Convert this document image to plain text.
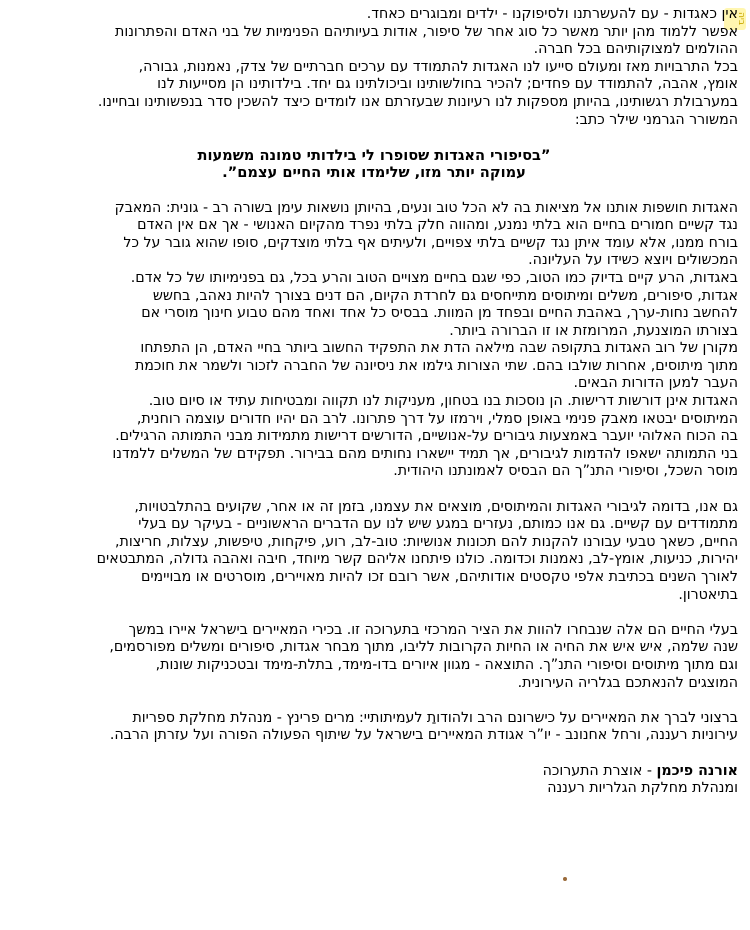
ביה

אין כאגדות - עם להעשרתנו ולסיפוקנו - ילדים ומבוגרים כאחד.

אפשר ללמוד מהן יותר מאשר כל סוג אחר של סיפור, אודות בעיותיהם הפנימיות של בני האדם והפתרונות

ההולמים למצוקותיהם בכל חברה.

בכל התרבויות מאז ומעולם סייעו לנו האגדות להתמודד עם ערכים חברתיים של צדק, נאמנות, גבורה,

אומץ, אהבה, להתמודד עם פחדים; להכיר בחולשותינו וביכולתינו גם יחד. בילדותינו הן מסייעות לנו

במערבולת רגשותינו, בהיותן מספקות לנו רעיונות שבעזרתם אנו לומדים כיצד להשכין סדר בנפשותינו ובחיינו.

המשורר הגרמני שילר כתב:

”בסיפורי האגדות שסופרו לי בילדותי טמונה משמעות

עמוקה יותר מזו, שלימדו אותי החיים עצמם”.

האגדות חושפות אותנו אל מציאות בה לא הכל טוב ונעים, בהיותן נושאות עימן בשורה רב - גונית: המאבק

נגד קשיים חמורים בחיים הוא בלתי נמנע, ומהווה חלק בלתי נפרד מהקיום האנושי - אך אם אין האדם

בורח ממנו, אלא עומד איתן נגד קשיים בלתי צפויים, ולעיתים אף בלתי מוצדקים, סופו שהוא גובר על כל

המכשולים ויוצא כשידו על העליונה.

באגדות, הרע קיים בדיוק כמו הטוב, כפי שגם בחיים מצויים הטוב והרע בכל, גם בפנימיותו של כל אדם.

אגדות, סיפורים, משלים ומיתוסים מתייחסים גם לחרדת הקיום, הם דנים בצורך להיות נאהב, בחשש

להחשב נחות-ערך, באהבת החיים ובפחד מן המוות. בבסיס כל אחד ואחד מהם טבוע חינוך מוסרי אם

בצורתו המוצנעת, המרומזת או זו הברורה ביותר.

מקורן של רוב האגדות בתקופה שבה מילאה הדת את התפקיד החשוב ביותר בחיי האדם, הן התפתחו

מתוך מיתוסים, אחרות שולבו בהם. שתי הצורות גילמו את ניסיונה של החברה לזכור ולשמר את חוכמת

העבר למען הדורות הבאים.

האגדות אינן דורשות דרישות. הן נוסכות בנו בטחון, מעניקות לנו תקווה ומבטיחות עתיד או סיום טוב.

המיתוסים יבטאו מאבק פנימי באופן סמלי, וירמזו על דרך פתרונו. לרב הם יהיו חדורים עוצמה רוחנית,

בה הכוח האלוהי יועבר באמצעות גיבורים על-אנושיים, הדורשים דרישות מתמידות מבני התמותה הרגילים.

בני התמותה ישאפו להדמות לגיבורים, אך תמיד יישארו נחותים מהם בבירור. תפקידם של המשלים ללמדנו

מוסר השכל, וסיפורי התנ”ך הם הבסיס לאמונתנו היהודית.

גם אנו, בדומה לגיבורי האגדות והמיתוסים, מוצאים את עצמנו, בזמן זה או אחר, שקועים בהתלבטויות,

מתמודדים עם קשיים. גם אנו כמותם, נעזרים במגע שיש לנו עם הדברים הראשוניים - בעיקר עם בעלי

החיים, כשאך טבעי עבורנו להקנות להם תכונות אנושיות: טוב-לב, רוע, פיקחות, טיפשות, עצלות, חריצות,

יהירות, כניעות, אומץ-לב, נאמנות וכדומה. כולנו פיתחנו אליהם קשר מיוחד, חיבה ואהבה גדולה, המתבטאים

לאורך השנים בכתיבת אלפי טקסטים אודותיהם, אשר רובם זכו להיות מאויירים, מוסרטים או מבויימים

בתיאטרון.

בעלי החיים הם אלה שנבחרו להוות את הציר המרכזי בתערוכה זו. בכירי המאיירים בישראל איירו במשך

שנה שלמה, איש איש את החיה או החיות הקרובות לליבו, מתוך מבחר אגדות, סיפורים ומשלים מפורסמים,

וגם מתוך מיתוסים וסיפורי התנ”ך. התוצאה - מגוון איורים בדו-מימד, בתלת-מימד ובטכניקות שונות,

המוצגים להנאתכם בגלריה העירונית.

ברצוני לברך את המאיירים על כישרונם הרב ולהודות לעמיתותיי: מרים פרינץ - מנהלת מחלקת ספריות

עירוניות רעננה, ורחל אחנונב - יו”ר אגודת המאיירים בישראל על שיתוף הפעולה הפורה ועל עזרתן הרבה.

אורנה פיכמן - אוצרת התערוכה

ומנהלת מחלקת הגלריות רעננה
